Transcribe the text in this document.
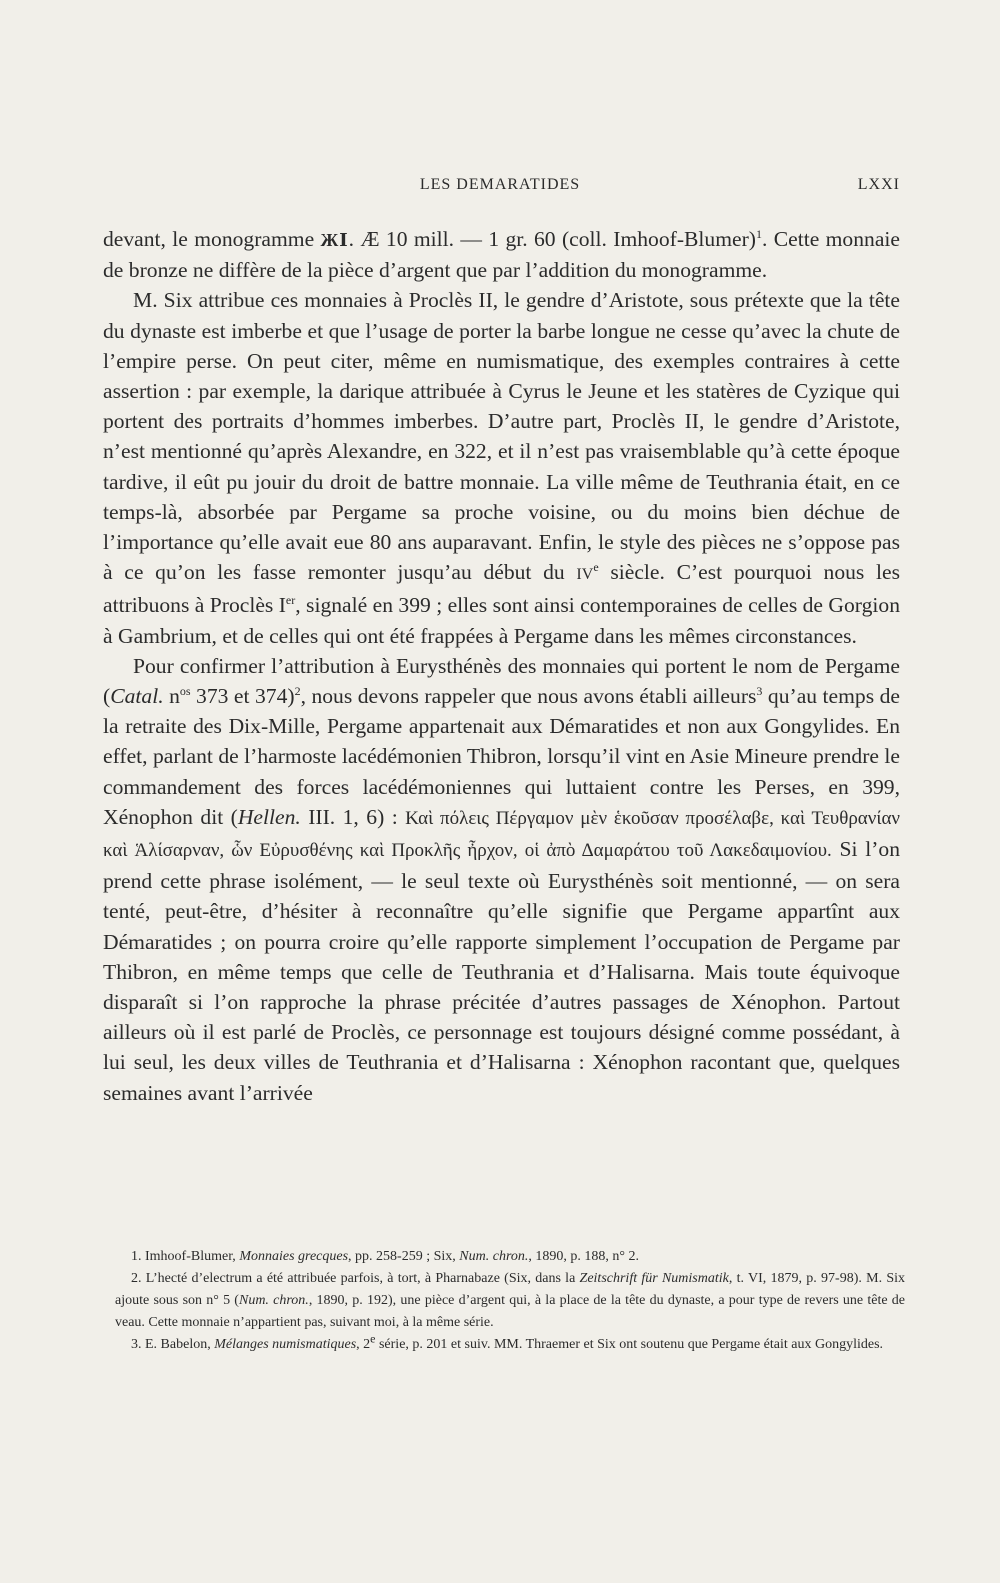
LES DEMARATIDES	LXXI

devant, le monogramme ЖⅠ. Æ 10 mill. — 1 gr. 60 (coll. Imhoof-Blumer)$^1$. Cette monnaie de bronze ne diffère de la pièce d’argent que par l’addition du monogramme.

M. Six attribue ces monnaies à Proclès II, le gendre d’Aristote, sous prétexte que la tête du dynaste est imberbe et que l’usage de porter la barbe longue ne cesse qu’avec la chute de l’empire perse. On peut citer, même en numismatique, des exemples contraires à cette assertion : par exemple, la darique attribuée à Cyrus le Jeune et les statères de Cyzique qui portent des portraits d’hommes imberbes. D’autre part, Proclès II, le gendre d’Aristote, n’est mentionné qu’après Alexandre, en 322, et il n’est pas vraisemblable qu’à cette époque tardive, il eût pu jouir du droit de battre monnaie. La ville même de Teuthrania était, en ce temps-là, absorbée par Pergame sa proche voisine, ou du moins bien déchue de l’importance qu’elle avait eue 80 ans auparavant. Enfin, le style des pièces ne s’oppose pas à ce qu’on les fasse remonter jusqu’au début du IVe siècle. C’est pourquoi nous les attribuons à Proclès Ier, signalé en 399 ; elles sont ainsi contemporaines de celles de Gorgion à Gambrium, et de celles qui ont été frappées à Pergame dans les mêmes circonstances.

Pour confirmer l’attribution à Eurysthénès des monnaies qui portent le nom de Pergame (Catal. $n^{os}$ 373 et 374)$^2$, nous devons rappeler que nous avons établi ailleurs$^3$ qu’au temps de la retraite des Dix-Mille, Pergame appartenait aux Démaratides et non aux Gongylides. En effet, parlant de l’harmoste lacédémonien Thibron, lorsqu’il vint en Asie Mineure prendre le commandement des forces lacédémoniennes qui luttaient contre les Perses, en 399, Xénophon dit (Hellen. III. 1, 6) : Καὶ πόλεις Πέργαμον μὲν ἑκοῦσαν προσέλαβε, καὶ Τευθρανίαν καὶ Ἁλίσαρναν, ὧν Εὐρυσθένης καὶ Προκλῆς ἦρχον, οἱ ἀπὸ Δαμαράτου τοῦ Λακεδαιμονίου. Si l’on prend cette phrase isolément, — le seul texte où Eurysthénès soit mentionné, — on sera tenté, peut-être, d’hésiter à reconnaître qu’elle signifie que Pergame appartînt aux Démaratides ; on pourra croire qu’elle rapporte simplement l’occupation de Pergame par Thibron, en même temps que celle de Teuthrania et d’Halisarna. Mais toute équivoque disparaît si l’on rapproche la phrase précitée d’autres passages de Xénophon. Partout ailleurs où il est parlé de Proclès, ce personnage est toujours désigné comme possédant, à lui seul, les deux villes de Teuthrania et d’Halisarna : Xénophon racontant que, quelques semaines avant l’arrivée

1. Imhoof-Blumer, Monnaies grecques, pp. 258-259 ; Six, Num. chron., 1890, p. 188, n° 2.

2. L’hecté d’electrum a été attribuée parfois, à tort, à Pharnabaze (Six, dans la Zeitschrift für Numismatik, t. VI, 1879, p. 97-98). M. Six ajoute sous son n° 5 (Num. chron., 1890, p. 192), une pièce d’argent qui, à la place de la tête du dynaste, a pour type de revers une tête de veau. Cette monnaie n’appartient pas, suivant moi, à la même série.

3. E. Babelon, Mélanges numismatiques, 2e série, p. 201 et suiv. MM. Thraemer et Six ont soutenu que Pergame était aux Gongylides.
